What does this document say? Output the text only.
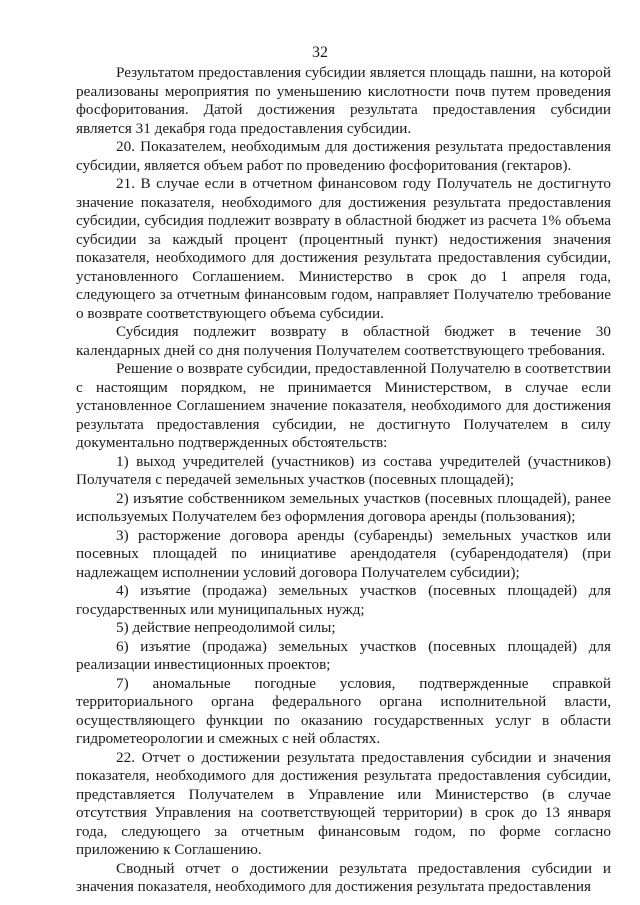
32

Результатом предоставления субсидии является площадь пашни, на которой реализованы мероприятия по уменьшению кислотности почв путем проведения фосфоритования. Датой достижения результата предоставления субсидии является 31 декабря года предоставления субсидии.

20. Показателем, необходимым для достижения результата предоставления субсидии, является объем работ по проведению фосфоритования (гектаров).

21. В случае если в отчетном финансовом году Получатель не достигнуто значение показателя, необходимого для достижения результата предоставления субсидии, субсидия подлежит возврату в областной бюджет из расчета 1% объема субсидии за каждый процент (процентный пункт) недостижения значения показателя, необходимого для достижения результата предоставления субсидии, установленного Соглашением. Министерство в срок до 1 апреля года, следующего за отчетным финансовым годом, направляет Получателю требование о возврате соответствующего объема субсидии.

Субсидия подлежит возврату в областной бюджет в течение 30 календарных дней со дня получения Получателем соответствующего требования.

Решение о возврате субсидии, предоставленной Получателю в соответствии с настоящим порядком, не принимается Министерством, в случае если установленное Соглашением значение показателя, необходимого для достижения результата предоставления субсидии, не достигнуто Получателем в силу документально подтвержденных обстоятельств:

1) выход учредителей (участников) из состава учредителей (участников) Получателя с передачей земельных участков (посевных площадей);

2) изъятие собственником земельных участков (посевных площадей), ранее используемых Получателем без оформления договора аренды (пользования);

3) расторжение договора аренды (субаренды) земельных участков или посевных площадей по инициативе арендодателя (субарендодателя) (при надлежащем исполнении условий договора Получателем субсидии);

4) изъятие (продажа) земельных участков (посевных площадей) для государственных или муниципальных нужд;

5) действие непреодолимой силы;

6) изъятие (продажа) земельных участков (посевных площадей) для реализации инвестиционных проектов;

7) аномальные погодные условия, подтвержденные справкой территориального органа федерального органа исполнительной власти, осуществляющего функции по оказанию государственных услуг в области гидрометеорологии и смежных с ней областях.

22. Отчет о достижении результата предоставления субсидии и значения показателя, необходимого для достижения результата предоставления субсидии, представляется Получателем в Управление или Министерство (в случае отсутствия Управления на соответствующей территории) в срок до 13 января года, следующего за отчетным финансовым годом, по форме согласно приложению к Соглашению.

Сводный отчет о достижении результата предоставления субсидии и значения показателя, необходимого для достижения результата предоставления
